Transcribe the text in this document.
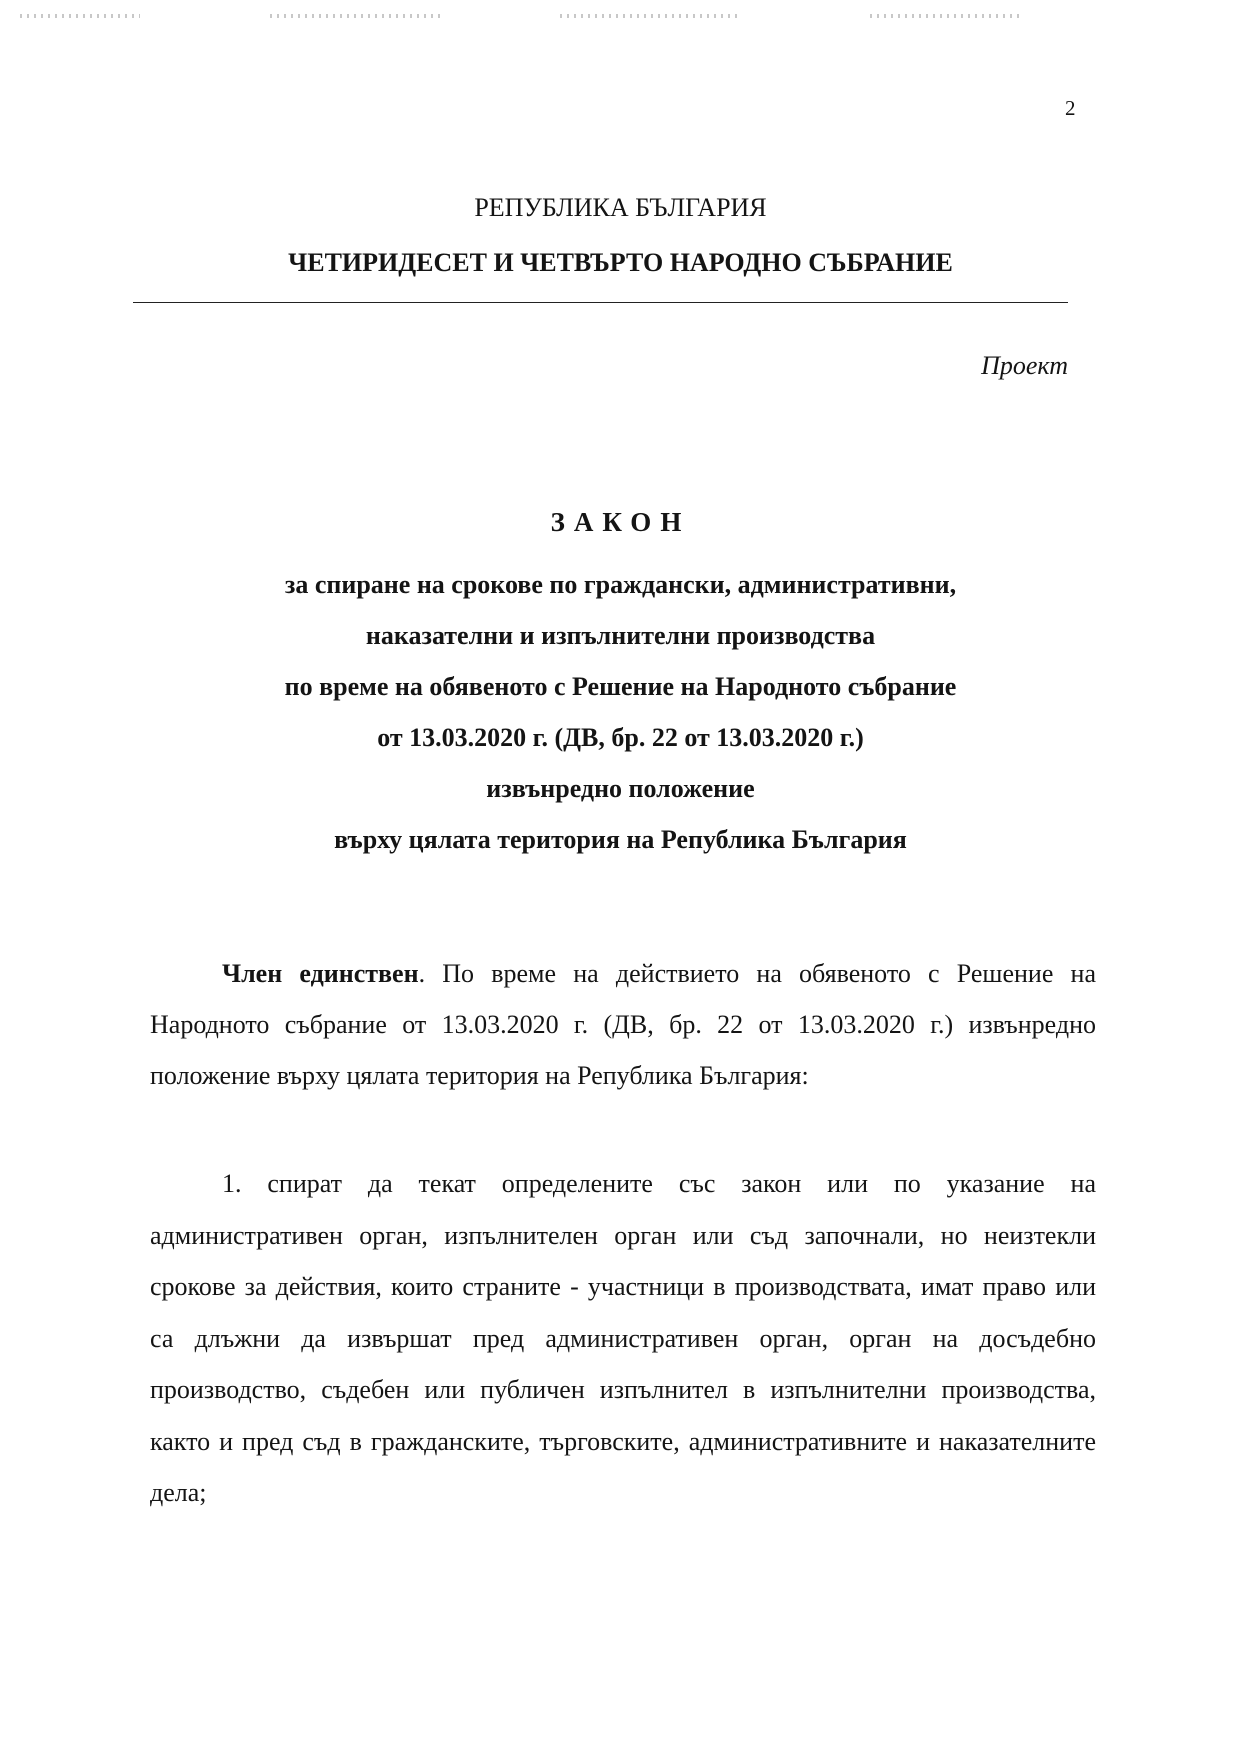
2
РЕПУБЛИКА БЪЛГАРИЯ
ЧЕТИРИДЕСЕТ И ЧЕТВЪРТО НАРОДНО СЪБРАНИЕ
Проект
ЗАКОН
за спиране на срокове по граждански, административни,
наказателни и изпълнителни производства
по време на обявеното с Решение на Народното събрание
от 13.03.2020 г. (ДВ, бр. 22 от 13.03.2020 г.)
извънредно положение
върху цялата територия на Република България
Член единствен. По време на действието на обявеното с Решение на Народното събрание от 13.03.2020 г. (ДВ, бр. 22 от 13.03.2020 г.) извънредно положение върху цялата територия на Република България:
1. спират да текат определените със закон или по указание на административен орган, изпълнителен орган или съд започнали, но неизтекли срокове за действия, които страните - участници в производствата, имат право или са длъжни да извършат пред административен орган, орган на досъдебно производство, съдебен или публичен изпълнител в изпълнителни производства, както и пред съд в гражданските, търговските, административните и наказателните дела;
